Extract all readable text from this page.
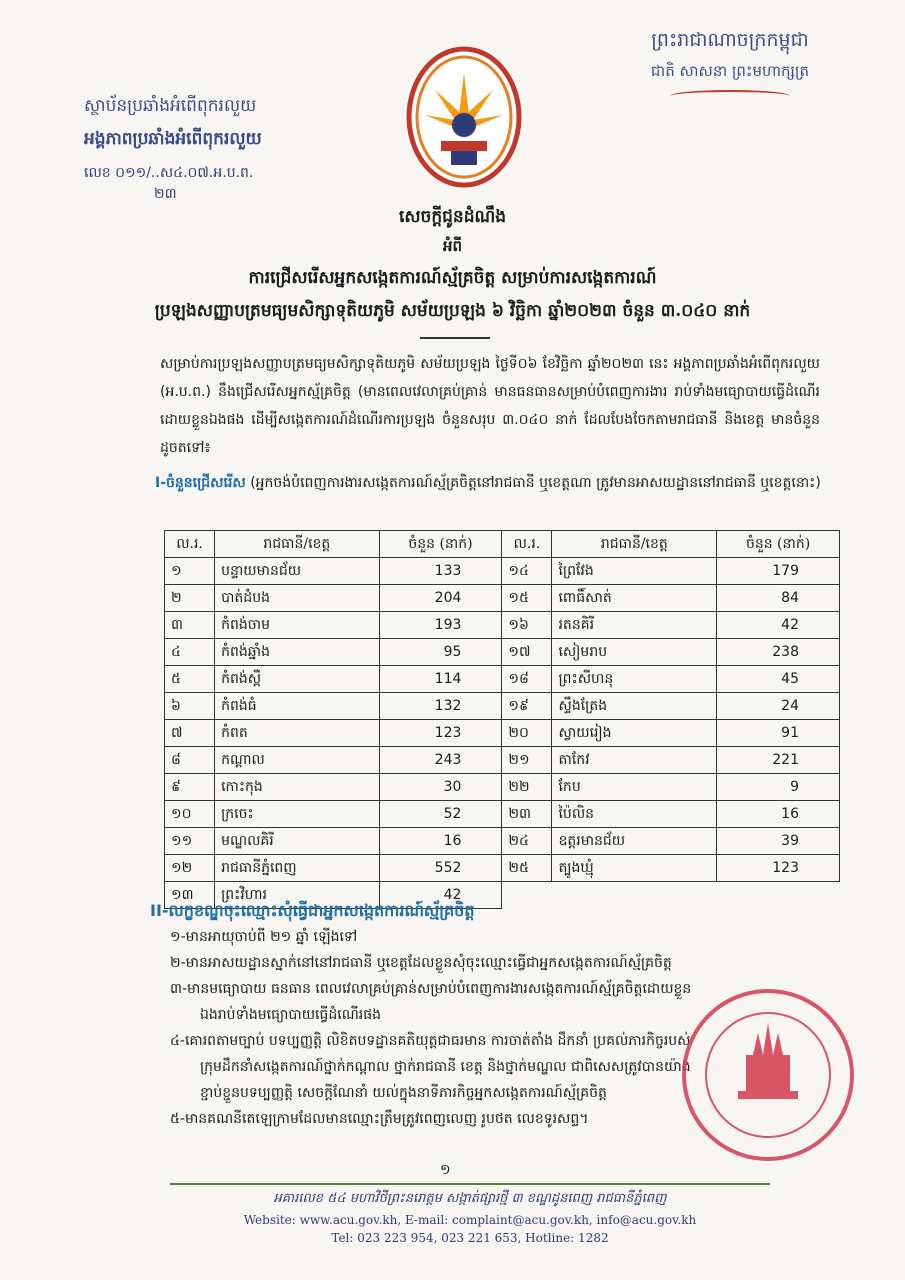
ព្រះរាជាណាចក្រកម្ពុជា
ជាតិ សាសនា ព្រះមហាក្សត្រ
ស្ថាប័នប្រឆាំងអំពើពុករលួយ
អង្គភាពប្រឆាំងអំពើពុករលួយ
លេខ ០១១/..ស៤.០៧.អ.ប.ព.
២៣
សេចក្តីជូនដំណឹង
អំពី
ការជ្រើសរើសអ្នកសង្កេតការណ៍ស្ម័គ្រចិត្ត សម្រាប់ការសង្កេតការណ៍
ប្រឡងសញ្ញាបត្រមធ្យមសិក្សាទុតិយភូមិ សម័យប្រឡង ៦ វិច្ឆិកា ឆ្នាំ២០២៣ ចំនួន ៣.០៤០ នាក់
សម្រាប់ការប្រឡងសញ្ញាបត្រមធ្យមសិក្សាទុតិយភូមិ សម័យប្រឡង ថ្ងៃទី០៦ ខែវិច្ឆិកា ឆ្នាំ២០២៣ នេះ អង្គភាពប្រឆាំងអំពើពុករលួយ (អ.ប.ព.) នឹងជ្រើសរើសអ្នកស្ម័គ្រចិត្ត (មានពេលវេលាគ្រប់គ្រាន់ មានធនធានសម្រាប់បំពេញការងារ រាប់ទាំងមធ្យោបាយធ្វើដំណើរដោយខ្លួនឯងផង ដើម្បីសង្កេតការណ៍ដំណើរការប្រឡង ចំនួនសរុប ៣.០៤០ នាក់ ដែលបែងចែកតាមរាជធានី និងខេត្ត មានចំនួនដូចតទៅ៖
I-ចំនួនជ្រើសរើស (អ្នកចង់បំពេញការងារសង្កេតការណ៍ស្ម័គ្រចិត្តនៅរាជធានី ឬខេត្តណា ត្រូវមានអាសយដ្ឋាននៅរាជធានី ឬខេត្តនោះ)
ល.រ.	រាជធានី/ខេត្ត	ចំនួន (នាក់)	ល.រ.	រាជធានី/ខេត្ត	ចំនួន (នាក់)
១	បន្ទាយមានជ័យ	133	១៤	ព្រៃវែង	179
២	បាត់ដំបង	204	១៥	ពោធិ៍សាត់	84
៣	កំពង់ចាម	193	១៦	រតនគិរី	42
៤	កំពង់ឆ្នាំង	95	១៧	សៀមរាប	238
៥	កំពង់ស្ពឺ	114	១៨	ព្រះសីហនុ	45
៦	កំពង់ធំ	132	១៩	ស្ទឹងត្រែង	24
៧	កំពត	123	២០	ស្វាយរៀង	91
៨	កណ្តាល	243	២១	តាកែវ	221
៩	កោះកុង	30	២២	កែប	9
១០	ក្រចេះ	52	២៣	ប៉ៃលិន	16
១១	មណ្ឌលគិរី	16	២៤	ឧត្តរមានជ័យ	39
១២	រាជធានីភ្នំពេញ	552	២៥	ត្បូងឃ្មុំ	123
១៣	ព្រះវិហារ	42			
II-លក្ខខណ្ឌចុះឈ្មោះសុំធ្វើជាអ្នកសង្កេតការណ៍ស្ម័គ្រចិត្ត
១-មានអាយុចាប់ពី ២១ ឆ្នាំ ឡើងទៅ
២-មានអាសយដ្ឋានស្នាក់នៅនៅរាជធានី ឬខេត្តដែលខ្លួនសុំចុះឈ្មោះធ្វើជាអ្នកសង្កេតការណ៍ស្ម័គ្រចិត្ត
៣-មានមធ្យោបាយ ធនធាន ពេលវេលាគ្រប់គ្រាន់សម្រាប់បំពេញការងារសង្កេតការណ៍ស្ម័គ្រចិត្តដោយខ្លួន
ឯងរាប់ទាំងមធ្យោបាយធ្វើដំណើរផង
៤-គោរពតាមច្បាប់ បទប្បញ្ញត្តិ លិខិតបទដ្ឋានគតិយុត្តជាធរមាន ការចាត់តាំង ដឹកនាំ ប្រគល់ភារកិច្ចរបស់
ក្រុមដឹកនាំសង្កេតការណ៍ថ្នាក់កណ្តាល ថ្នាក់រាជធានី ខេត្ត និងថ្នាក់មណ្ឌល ជាពិសេសត្រូវបានយ៉ាង
ខ្ជាប់ខ្ជួនបទប្បញ្ញត្តិ សេចក្តីណែនាំ យល់ក្នុងនាទីភារកិច្ចអ្នកសង្កេតការណ៍ស្ម័គ្រចិត្ត
៥-មានគណនីតេឡេក្រាមដែលមានឈ្មោះត្រឹមត្រូវពេញលេញ រូបថត លេខទូរសព្ទ។
១
អគារលេខ ៥៤ មហាវិថីព្រះនរោត្តម សង្កាត់ផ្សារថ្មី ៣ ខណ្ឌដូនពេញ រាជធានីភ្នំពេញ
Website: www.acu.gov.kh, E-mail: complaint@acu.gov.kh, info@acu.gov.kh
Tel: 023 223 954, 023 221 653, Hotline: 1282
